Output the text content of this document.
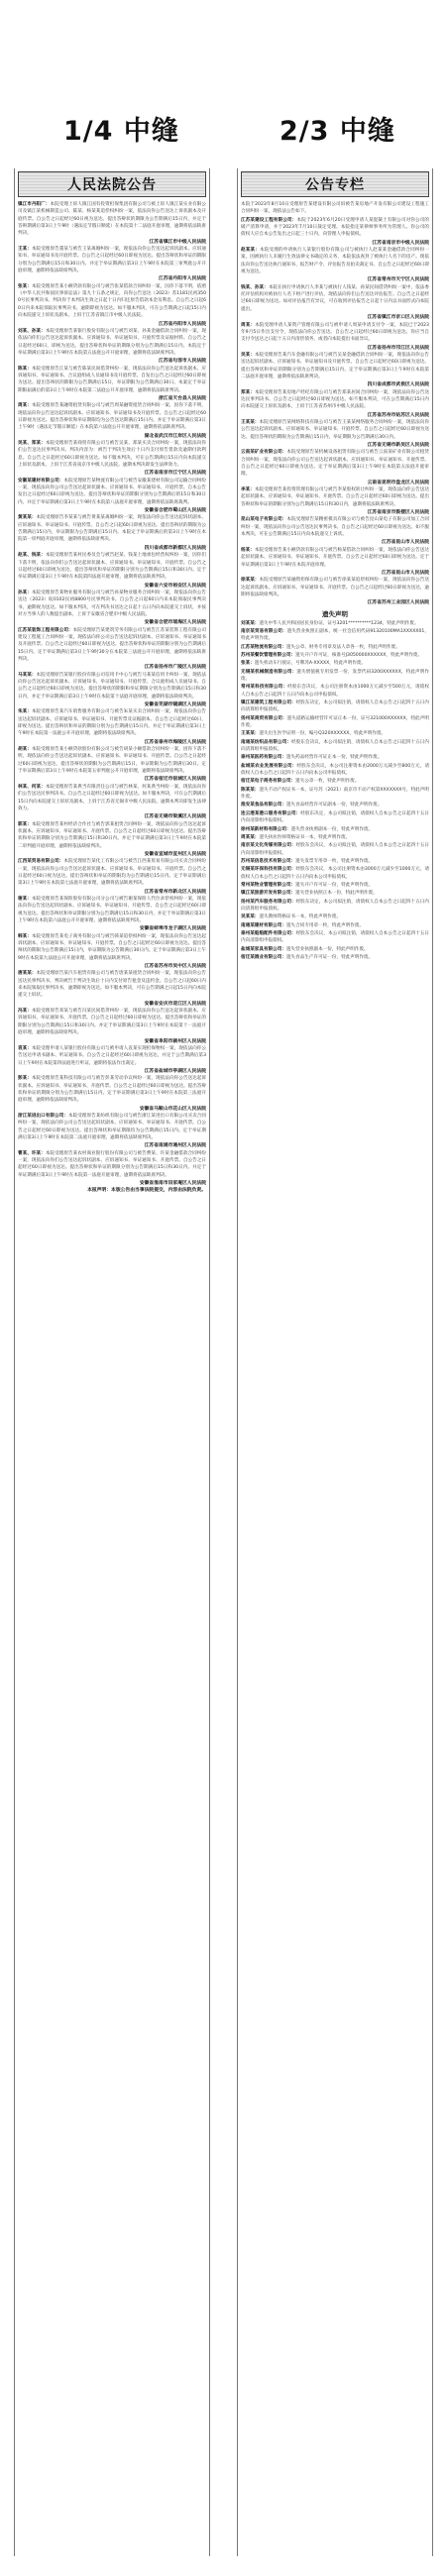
1/4 中缝	2/3 中缝
人民法院公告

镇江市丹阳厂：本院受理上诉人镇江国有投资担保集团有限公司与被上诉人镇江某实业有限公司及镇江某机械制造公司、陈某、杨某某追偿权纠纷一案，依法向你公告送达上诉状副本及开庭传票。自公告之日起经过60日视为送达。提出答辩状的期限为公告期满后15日内，并定于答辩期满后第3日上午9时（遇法定节假日顺延）在本院第十二法庭开庭审理，逾期将依法缺席判决。

江苏省镇江市中级人民法院

王某：本院受理原告董某与被告王某离婚纠纷一案，现依法向你公告送达起诉状副本、应诉通知书、举证通知书及开庭传票。自公告之日起经过60日即视为送达。提出答辩状和举证的期限分别为公告期满后15日和30日内。并定于举证期满后第3日上午9时在本院第三审判庭公开开庭审理，逾期将依法缺席判决。

江苏省丹阳市人民法院

张某：本院受理原告某小额贷款有限公司与被告张某借款合同纠纷一案，因你下落不明，依照《中华人民共和国民事诉讼法》第九十五条之规定，向你公告送达（2023）苏1181民初3500号民事判决书。判决你于本判决生效之日起十日内归还原告借款本金及利息。自公告之日起60日内来本院领取民事判决书，逾期即视为送达。如不服本判决，可在公告期满之日起15日内向本院递交上诉状及副本，上诉于江苏省镇江市中级人民法院。

江苏省丹阳市人民法院

刘某、孙某：本院受理原告某银行股份有限公司与被告刘某、孙某金融借款合同纠纷一案，现依法向你们公告送达起诉状副本、应诉通知书、举证通知书、开庭传票及证据材料。自公告之日起经过60日，即视为送达。提出答辩状和举证的期限分别为公告期满后15日内。本院定于举证期满后第3日上午9时在本院第五法庭公开开庭审理，逾期将依法缺席判决。

江苏省句容市人民法院

陈某：本院受理原告江某与被告陈某民间借贷纠纷一案，现依法向你公告送达起诉状副本、应诉通知书、举证通知书、合议庭组成人员通知书及开庭传票。自发出公告之日起经过60日即视为送达。提出答辩状的期限为公告期满后15日，举证期限为公告期满后30日。本案定于举证期限届满后的第3日上午9时在本院第二法庭公开开庭审理，逾期将依法缺席判决。

浙江省天台县人民法院

周某：本院受理原告某融资租赁有限公司与被告周某融资租赁合同纠纷一案，因你下落不明，现依法向你公告送达起诉状副本、应诉通知书、举证通知书及开庭传票。自公告之日起经过60日即视为送达。提出答辩状和举证期限均为公告送达期满后15日内。并定于举证期满后第3日上午9时（遇法定节假日顺延）在本院第六法庭公开开庭审理，逾期将依法缺席判决。

湖北省武汉市江岸区人民法院

吴某、郑某：本院受理原告某商贸有限公司与被告吴某、郑某买卖合同纠纷一案，现依法向你们公告送达民事判决书。判决内容为：被告于判决生效后十日内支付原告货款及逾期付款利息。自公告之日起经过60日即视为送达。如不服本判决，可在公告期满后15日内向本院递交上诉状及副本，上诉于江苏省南京市中级人民法院。逾期本判决即发生法律效力。

江苏省南京市江宁区人民法院

安徽某建材有限公司：本院受理原告某物流有限公司与被告安徽某建材有限公司运输合同纠纷一案，现依法向你公司公告送达起诉状副本、应诉通知书、举证通知书、开庭传票。自本公告发出之日起经过60日即视为送达。提出答辩状和举证的期限分别为公告期满后的15日和30日内。并定于举证期满后第3日上午9时在本院第八法庭开庭审理，逾期将依法缺席裁判。

安徽省合肥市蜀山区人民法院

黄某某：本院受理原告李某某与被告黄某某离婚纠纷一案，现依法向你公告送达起诉状副本、应诉通知书、举证通知书、开庭传票。自公告之日起60日即视为送达。提出答辩状的期限为公告期满后15日内，举证期限为公告期满后15日内。本院定于举证期满后的第3日上午9时在本院第一审判庭开庭审理，逾期将依法缺席判决。

四川省成都市新都区人民法院

赵某、钱某：本院受理原告某村民委员会与被告赵某、钱某土地承包经营权纠纷一案，因你们下落不明，依法向你们公告送达起诉状副本、应诉通知书、举证通知书、开庭传票。自公告之日起经过60日即视为送达，提出答辩状和举证的期限分别为公告期满后15日和30日内。定于举证期满后第3日上午9时在本院第四法庭开庭审理，逾期将依法缺席判决。

安徽省六安市裕安区人民法院

孙某：本院受理原告某物业服务有限公司与被告孙某物业服务合同纠纷一案，现依法向你公告送达（2023）皖0102民初8800号民事判决书。自公告之日起60日内来本院领取民事判决书，逾期视为送达。如不服本判决，可在判决书送达之日起十五日内向本院递交上诉状，并按对方当事人的人数提出副本，上诉于安徽省合肥市中级人民法院。

安徽省合肥市瑶海区人民法院

江苏某装饰工程有限公司：本院受理原告某建筑劳务有限公司与被告江苏某装饰工程有限公司建设工程施工合同纠纷一案，现依法向你公司公告送达起诉状副本、应诉通知书、举证通知书及开庭传票。自公告之日起经过60日即视为送达。提出答辩状和举证的期限分别为公告期满后15日内。定于举证期满后第3日上午9时30分在本院第三法庭公开开庭审理，逾期将依法缺席判决。

江苏省扬州市广陵区人民法院

马某某：本院受理原告某银行股份有限公司信用卡中心与被告马某某信用卡纠纷一案，现依法向你公告送达起诉状副本、应诉通知书、举证通知书、开庭传票、合议庭组成人员通知书。自公告之日起经过60日即视为送达。提出答辩状的期限和举证期限分别为公告期满后15日和30日内，并定于举证期满后第3日上午9时在本院第十法庭开庭审理，逾期将依法缺席判决。

安徽省芜湖市镜湖区人民法院

朱某：本院受理原告某汽车销售服务有限公司与被告朱某买卖合同纠纷一案，现依法向你公告送达起诉状副本、应诉通知书、举证通知书、开庭传票及证据副本。自公告之日起经过60日，即视为送达。提出答辩状和举证的期限分别为公告期满后15日内。并定于举证期满后第3日上午9时在本院第一法庭公开开庭审理，逾期将依法缺席判决。

江苏省泰州市海陵区人民法院

胡某：本院受理原告某小额贷款股份有限公司与被告胡某小额借款合同纠纷一案，因你下落不明，现依法向你公告送达起诉状副本、应诉通知书、举证通知书、开庭传票。自公告之日起经过60日即视为送达，提出答辩状的期限为公告期满后15日，举证期限为公告期满后30日。定于举证期满后第3日上午9时在本院第五审判庭公开开庭审理，逾期将依法缺席判决。

江苏省宿迁市宿城区人民法院

林某、何某：本院受理原告某典当有限责任公司与被告林某、何某典当纠纷一案，现依法向你们公告送达民事判决书。自公告之日起经过60日即视为送达。如不服本判决，可在公告期满后15日内向本院递交上诉状及副本，上诉于江苏省无锡市中级人民法院。逾期本判决即发生法律效力。

江苏省无锡市梁溪区人民法院

郭某：本院受理原告某村经济合作社与被告郭某租赁合同纠纷一案，现依法向你公告送达起诉状副本、应诉通知书、举证通知书、开庭传票。自公告之日起经过60日即视为送达。提出答辩状和举证的期限分别为公告期满后15日和30日内。并定于举证期满后第3日上午9时在本院第二审判庭开庭审理，逾期将依法缺席判决。

安徽省宣城市宣州区人民法院

江西某贸易有限公司：本院受理原告某化工有限公司与被告江西某贸易有限公司买卖合同纠纷一案，现依法向你公司公告送达起诉状副本、应诉通知书、举证通知书、开庭传票。自公告之日起经过60日视为送达。提出答辩状和举证的期限均为公告期满后15日内。定于举证期满后第3日上午9时在本院第七法庭开庭审理，逾期将依法缺席判决。

江苏省常州市新北区人民法院

谢某：本院受理原告某保险股份有限公司分公司与被告谢某保险人代位求偿权纠纷一案，现依法向你公告送达起诉状副本、应诉通知书、举证通知书、开庭传票。自公告之日起经过60日即视为送达。提出答辩状和举证期限分别为公告期满后15日和30日内，并定于举证期满后第3日上午9时在本院第六法庭公开开庭审理，逾期将依法缺席判决。

安徽省蚌埠市龙子湖区人民法院

韩某：本院受理原告某电子商务有限公司与被告韩某追偿权纠纷一案，现依法向你公告送达起诉状副本、应诉通知书、举证通知书、开庭传票。自公告之日起经过60日即视为送达。提出答辩状的期限为公告期满后15日内，举证期限为公告期满后30日内。定于举证期满后第3日上午9时在本院第九法庭公开开庭审理，逾期将依法缺席判决。

江苏省苏州市吴中区人民法院

唐某某：本院受理原告某汽车租赁有限公司与被告唐某某租赁合同纠纷一案，现依法向你公告送达民事判决书，判决被告于判决生效后十日内支付原告租金及违约金。自公告之日起60日内来本院领取民事判决书，逾期即视为送达。如不服本判决，可在公告期满之日起15日内向本院递交上诉状。

安徽省安庆市迎江区人民法院

冯某：本院受理原告邓某与被告冯某民间借贷纠纷一案，现依法向你公告送达起诉状副本、应诉通知书、举证通知书、开庭传票。自公告之日起经过60日即视为送达。提出答辩状和举证的期限分别为公告期满后15日和30日内。并定于举证期满后第3日上午9时在本院第十一法庭开庭审理，逾期将依法缺席判决。

安徽省阜阳市颍州区人民法院

袁某：本院受理申请人某银行股份有限公司与被申请人袁某实现担保物权一案，现依法向你公告送达申请书副本、听证通知书。自公告之日起经过60日即视为送达，并定于公告期满后第3日上午9时在本院第四法庭进行听证，逾期将依法作出裁定。

江苏省盐城市亭湖区人民法院

彭某：本院受理原告某科技有限公司与被告彭某劳动争议纠纷一案，现依法向你公告送达起诉状副本、应诉通知书、举证通知书、开庭传票。自公告之日起经过60日即视为送达。提出答辩状和举证的期限分别为公告期满后15日内。定于举证期满后第3日上午9时在本院第三法庭开庭审理，逾期将依法缺席判决。

安徽省马鞍山市花山区人民法院

浙江某进出口有限公司：本院受理原告某纺织有限公司与被告浙江某进出口有限公司买卖合同纠纷一案，现依法向你公司公告送达起诉状副本、应诉通知书、举证通知书、开庭传票。自公告之日起经过60日即视为送达。提出答辩状和举证期限均为公告期满后15日内。定于举证期满后第3日上午9时在本院第二法庭开庭审理，逾期将依法缺席判决。

江苏省南通市通州区人民法院

曹某、许某：本院受理原告某农村商业银行股份有限公司与被告曹某、许某金融借款合同纠纷一案，现依法向你们公告送达起诉状副本、应诉通知书、举证通知书、开庭传票。自公告之日起经过60日即视为送达。提出答辩状和举证的期限分别为公告期满后15日和30日内。并定于举证期满后第3日上午9时在本院第一法庭开庭审理，逾期将依法缺席判决。

安徽省淮南市田家庵区人民法院
本报声明：本版公告由当事法院提交，内容由法院负责。
公告专栏

本院于2023年8月10日受理原告某建设有限公司诉被告某房地产开发有限公司建设工程施工合同纠纷一案，现依法公告如下。

江苏某建设工程有限公司：本院于2023年6月20日受理申请人某混凝土有限公司对你公司的破产清算申请，并于2023年7月10日裁定受理。本院指定某律师事务所为管理人。你公司的债权人应自本公告发出之日起三十日内，向管理人申报债权。

江苏省南京市中级人民法院

赵某某：本院受理的申请执行人某银行股份有限公司与被执行人赵某某金融借款合同纠纷一案，因被执行人未履行生效法律文书确定的义务，本院依法查封了被执行人名下的房产。现依法向你公告送达执行通知书、报告财产令、评估报告及拍卖裁定书。自公告之日起经过60日即视为送达。

江苏省常州市天宁区人民法院

钱某、孙某：本院在执行申请执行人李某与被执行人钱某、孙某民间借贷纠纷一案中，依法委托评估机构对被执行人名下财产进行评估，现依法向你们公告送达评估报告。自公告之日起经过60日即视为送达。如对评估报告有异议，可在收到评估报告之日起十日内以书面形式向本院提出。

江苏省镇江市京口区人民法院

周某：本院受理申请人某资产管理有限公司与被申请人周某申请支付令一案，本院已于2023年9月5日作出支付令，现依法向你公告送达。自公告之日起经过60日即视为送达。你应当自支付令送达之日起十五日内清偿债务，或者向本院提出书面异议。

江苏省扬州市邗江区人民法院

吴某：本院受理原告某汽车金融有限公司与被告吴某金融借款合同纠纷一案，现依法向你公告送达起诉状副本、应诉通知书、举证通知书及开庭传票。自公告之日起经过60日即视为送达。提出答辩状和举证的期限分别为公告期满后15日内。定于举证期满后第3日上午9时在本院第二法庭开庭审理，逾期将依法缺席判决。

四川省成都市武侯区人民法院

郑某：本院受理原告某房地产经纪有限公司与被告郑某居间合同纠纷一案，现依法向你公告送达民事判决书。自公告之日起经过60日即视为送达。如不服本判决，可在公告期满后15日内向本院递交上诉状及副本，上诉于江苏省苏州市中级人民法院。

江苏省苏州市姑苏区人民法院

王某某：本院受理原告某网络科技有限公司与被告王某某网络服务合同纠纷一案，现依法向你公告送达起诉状副本、应诉通知书、举证通知书、开庭传票。自公告之日起经过60日即视为送达。提出答辩状的期限为公告期满后15日内，举证期限为公告期满后30日内。

江苏省无锡市新吴区人民法院

云南某矿业有限公司：本院受理原告某机械设备租赁有限公司与被告云南某矿业有限公司租赁合同纠纷一案，现依法向你公司公告送达起诉状副本、应诉通知书、举证通知书、开庭传票。自公告之日起经过60日即视为送达。定于举证期满后第3日上午9时在本院第五法庭开庭审理。

云南省昆明市盘龙区人民法院

李某：本院受理原告某投资管理有限公司与被告李某股权转让纠纷一案，现依法向你公告送达起诉状副本、应诉通知书、举证通知书、开庭传票。自公告之日起经过60日即视为送达。提出答辩状和举证的期限分别为公告期满后15日和30日内，逾期将依法缺席判决。

江苏省南京市鼓楼区人民法院

昆山某电子有限公司：本院受理原告某精密模具有限公司与被告昆山某电子有限公司加工合同纠纷一案，现依法向你公司公告送达民事判决书。自公告之日起经过60日即视为送达。如不服本判决，可在公告期满后15日内向本院递交上诉状。

江苏省昆山市人民法院

杨某：本院受理原告某小额贷款有限公司与被告杨某借款合同纠纷一案，现依法向你公告送达起诉状副本、应诉通知书、举证通知书、开庭传票。自公告之日起经过60日即视为送达。定于举证期满后第3日上午9时在本院开庭审理。

江苏省昆山市人民法院

徐某某：本院受理原告某融资担保有限公司与被告徐某某追偿权纠纷一案，现依法向你公告送达起诉状副本、应诉通知书、举证通知书、开庭传票。自公告之日起经过60日即视为送达，逾期将依法缺席判决。

江苏省苏州工业园区人民法院
遗失声明

刘某某：遗失中华人民共和国居民身份证，证号3201**********1234，特此声明作废。

南京某贸易有限公司：遗失营业执照正副本，统一社会信用代码91320100MA1XXXXX01，特此声明作废。

江苏某物流有限公司：遗失公章、财务专用章及法人章各一枚，特此声明作废。

苏州某餐饮管理有限公司：遗失开户许可证，核准号J3050000XXXXXX，特此声明作废。

张某：遗失机动车行驶证，号牌苏A·XXXXX，特此声明作废。

无锡某机械制造有限公司：遗失增值税专用发票一份，发票代码3200XXXXXX，特此声明作废。

常州某科技有限公司：经股东会决议，本公司注册资本由1000万元减少至500万元，请债权人自本公告之日起四十五日内向本公司申报债权。

镇江某建筑工程有限公司：经股东决定，本公司拟注销，请债权人自本公告之日起四十五日内向清算组申报债权。

扬州某商贸有限公司：遗失道路运输经营许可证正本一份，证号321000XXXXXX，特此声明作废。

王某某：遗失出生医学证明一份，编号Q320XXXXXX，特此声明作废。

南通某纺织品有限公司：经股东会决议，本公司拟注销，请债权人自本公告之日起四十五日内向清算组申报债权。

泰州某医药有限公司：遗失药品经营许可证正本一份，特此声明作废。

盐城某农业发展有限公司：经股东会决议，本公司注册资本由2000万元减少至800万元，请债权人自本公告之日起四十五日内向本公司申报债权。

宿迁某电子商务有限公司：遗失公章一枚，特此声明作废。

陈某某：遗失不动产权证书一本，证号苏（2021）南京市不动产权第XXXXXXX号，特此声明作废。

淮安某食品有限公司：遗失食品经营许可证副本一份，特此声明作废。

连云港某港口服务有限公司：经股东决定，本公司拟注销，请债权人自本公告之日起四十五日内向清算组申报债权。

徐州某新材料有限公司：遗失营业执照副本一份，特此声明作废。

周某某：遗失执业医师资格证书一本，特此声明作废。

南京某文化传媒有限公司：经股东会决议，本公司拟注销，请债权人自本公告之日起四十五日内向清算组申报债权。

苏州某信息技术有限公司：遗失发票专用章一枚，特此声明作废。

无锡某环保科技有限公司：经股东会决议，本公司注册资本由3000万元减少至1000万元，请债权人自本公告之日起四十五日内向本公司申报债权。

常州某物业管理有限公司：遗失开户许可证一份，特此声明作废。

镇江某旅游开发有限公司：遗失营业执照正本一份，特此声明作废。

扬州某汽车服务有限公司：经股东决定，本公司拟注销，请债权人自本公告之日起四十五日内向清算组申报债权。

吴某某：遗失教师资格证书一本，特此声明作废。

南通某建材有限公司：遗失合同专用章一枚，特此声明作废。

泰州某船舶配件有限公司：经股东会决议，本公司拟注销，请债权人自本公告之日起四十五日内向清算组申报债权。

盐城某家具有限公司：遗失营业执照副本一份，特此声明作废。

宿迁某酒业有限公司：遗失食品生产许可证一份，特此声明作废。
